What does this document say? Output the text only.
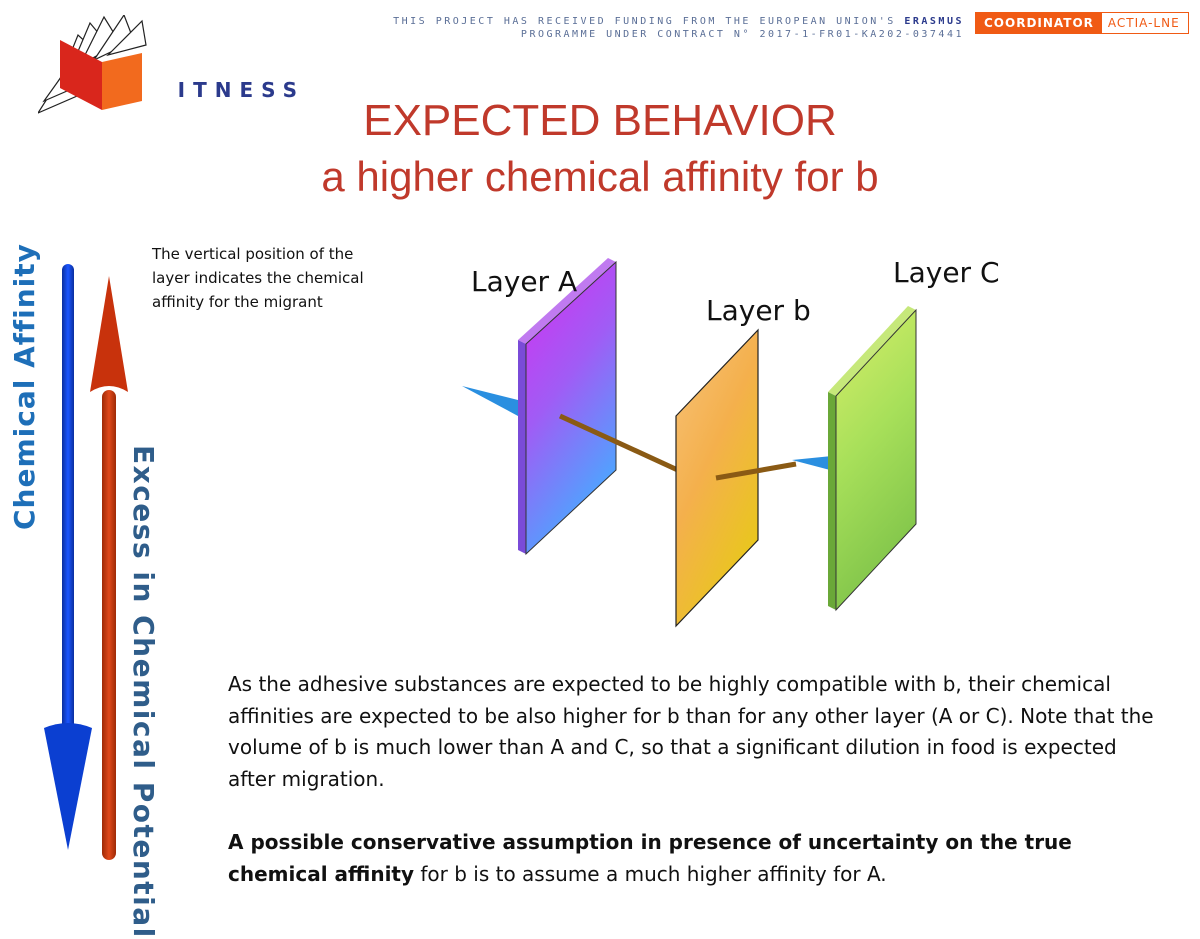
THIS PROJECT HAS RECEIVED FUNDING FROM THE EUROPEAN UNION'S ERASMUS
PROGRAMME UNDER CONTRACT N° 2017-1-FR01-KA202-037441
COORDINATOR	ACTIA-LNE
FITNESS
EXPECTED BEHAVIOR
a higher chemical affinity for b
Chemical Affinity
Excess in Chemical Potential
The vertical position of the layer indicates the chemical affinity for the migrant
Layer A
Layer b
Layer C

As the adhesive substances are expected to be highly compatible with b, their chemical affinities are expected to be also higher for b than for any other layer (A or C). Note that the volume of b is much lower than A and C, so that a significant dilution in food is expected after migration.

A possible conservative assumption in presence of uncertainty on the true chemical affinity for b is to assume a much higher affinity for A.
